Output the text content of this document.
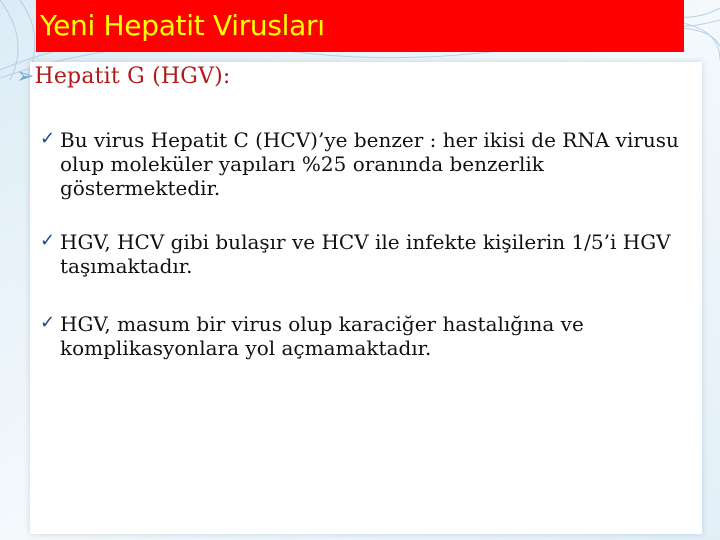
Yeni Hepatit Virusları
➢Hepatit G (HGV):
✓ Bu virus Hepatit C (HCV)’ye benzer : her ikisi de RNA virusu olup moleküler yapıları %25 oranında benzerlik göstermektedir.
✓ HGV, HCV gibi bulaşır ve HCV ile infekte kişilerin 1/5’i HGV taşımaktadır.
✓ HGV, masum bir virus olup karaciğer hastalığına ve komplikasyonlara yol açmamaktadır.
